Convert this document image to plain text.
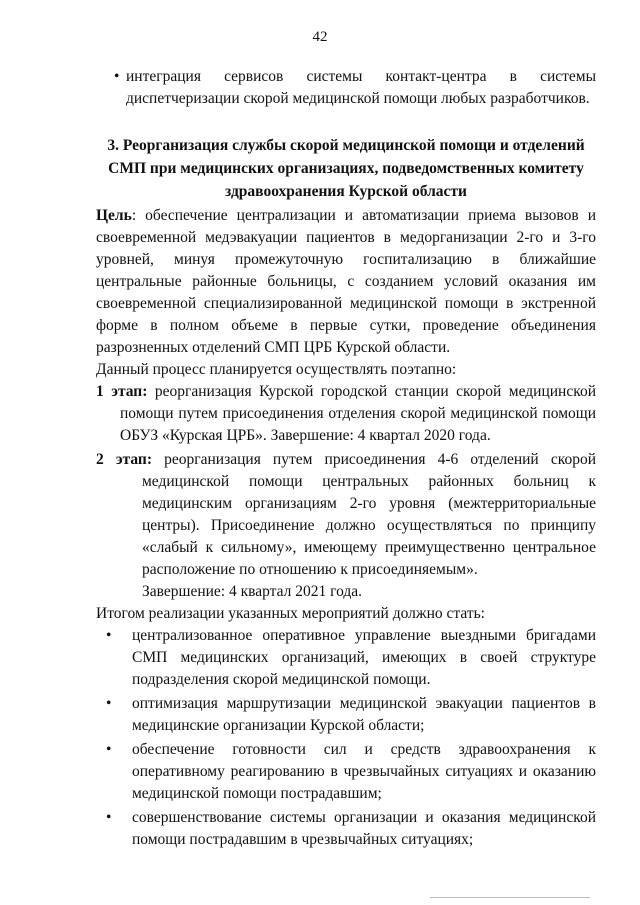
42
• интеграция сервисов системы контакт-центра в системы диспетчеризации скорой медицинской помощи любых разработчиков.
3. Реорганизация службы скорой медицинской помощи и отделений
СМП при медицинских организациях, подведомственных комитету
здравоохранения Курской области
Цель: обеспечение централизации и автоматизации приема вызовов и своевременной медэвакуации пациентов в медорганизации 2-го и 3-го уровней, минуя промежуточную госпитализацию в ближайшие центральные районные больницы, с созданием условий оказания им своевременной специализированной медицинской помощи в экстренной форме в полном объеме в первые сутки, проведение объединения разрозненных отделений СМП ЦРБ Курской области.
Данный процесс планируется осуществлять поэтапно:
1 этап: реорганизация Курской городской станции скорой медицинской помощи путем присоединения отделения скорой медицинской помощи ОБУЗ «Курская ЦРБ». Завершение: 4 квартал 2020 года.
2 этап: реорганизация путем присоединения 4-6 отделений скорой медицинской помощи центральных районных больниц к медицинским организациям 2-го уровня (межтерриториальные центры). Присоединение должно осуществляться по принципу «слабый к сильному», имеющему преимущественно центральное расположение по отношению к присоединяемым».
Завершение: 4 квартал 2021 года.
Итогом реализации указанных мероприятий должно стать:
• централизованное оперативное управление выездными бригадами СМП медицинских организаций, имеющих в своей структуре подразделения скорой медицинской помощи.
• оптимизация маршрутизации медицинской эвакуации пациентов в медицинские организации Курской области;
• обеспечение готовности сил и средств здравоохранения к оперативному реагированию в чрезвычайных ситуациях и оказанию медицинской помощи пострадавшим;
• совершенствование системы организации и оказания медицинской помощи пострадавшим в чрезвычайных ситуациях;
